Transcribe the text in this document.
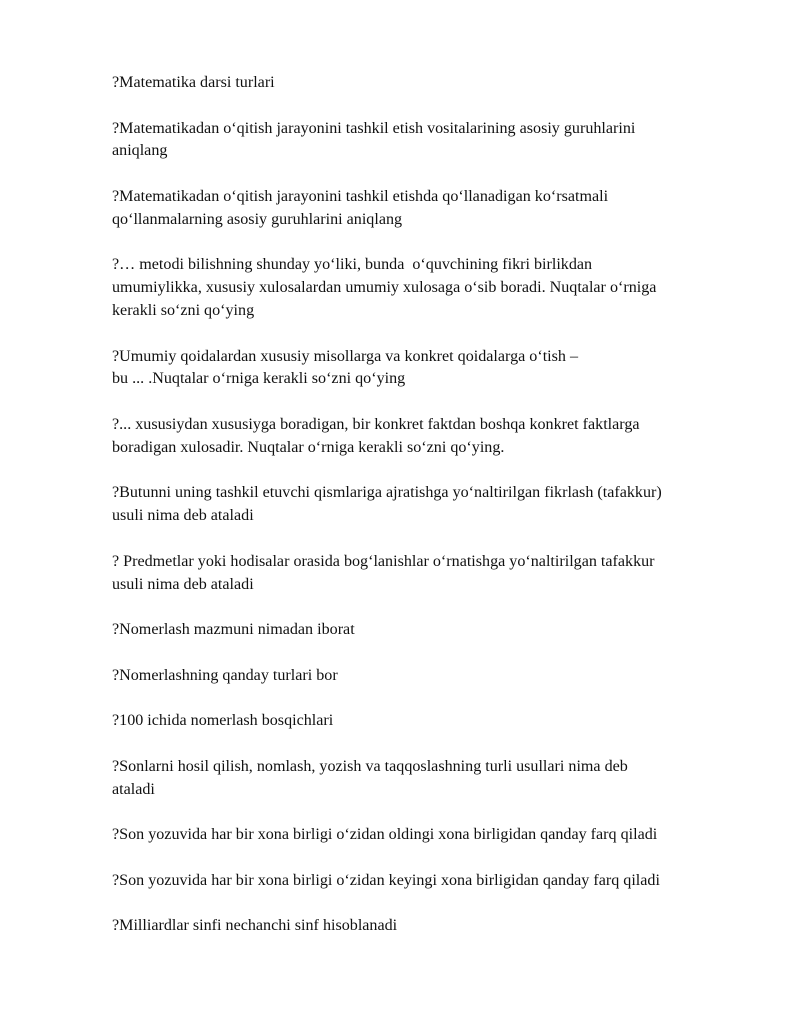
?Matematika darsi turlari
?Matematikadan o‘qitish jarayonini tashkil etish vositalarining asosiy guruhlarini
aniqlang
?Matematikadan o‘qitish jarayonini tashkil etishda qo‘llanadigan ko‘rsatmali
qo‘llanmalarning asosiy guruhlarini aniqlang
?… metodi bilishning shunday yo‘liki, bunda  o‘quvchining fikri birlikdan
umumiylikka, xususiy xulosalardan umumiy xulosaga o‘sib boradi. Nuqtalar o‘rniga
kerakli so‘zni qo‘ying
?Umumiy qoidalardan xususiy misollarga va konkret qoidalarga o‘tish –
bu ... .Nuqtalar o‘rniga kerakli so‘zni qo‘ying
?... xususiydan xususiyga boradigan, bir konkret faktdan boshqa konkret faktlarga
boradigan xulosadir. Nuqtalar o‘rniga kerakli so‘zni qo‘ying.
?Butunni uning tashkil etuvchi qismlariga ajratishga yo‘naltirilgan fikrlash (tafakkur)
usuli nima deb ataladi
? Predmetlar yoki hodisalar orasida bog‘lanishlar o‘rnatishga yo‘naltirilgan tafakkur
usuli nima deb ataladi
?Nomerlash mazmuni nimadan iborat
?Nomerlashning qanday turlari bor
?100 ichida nomerlash bosqichlari
?Sonlarni hosil qilish, nomlash, yozish va taqqoslashning turli usullari nima deb
ataladi
?Son yozuvida har bir xona birligi o‘zidan oldingi xona birligidan qanday farq qiladi
?Son yozuvida har bir xona birligi o‘zidan keyingi xona birligidan qanday farq qiladi
?Milliardlar sinfi nechanchi sinf hisoblanadi
